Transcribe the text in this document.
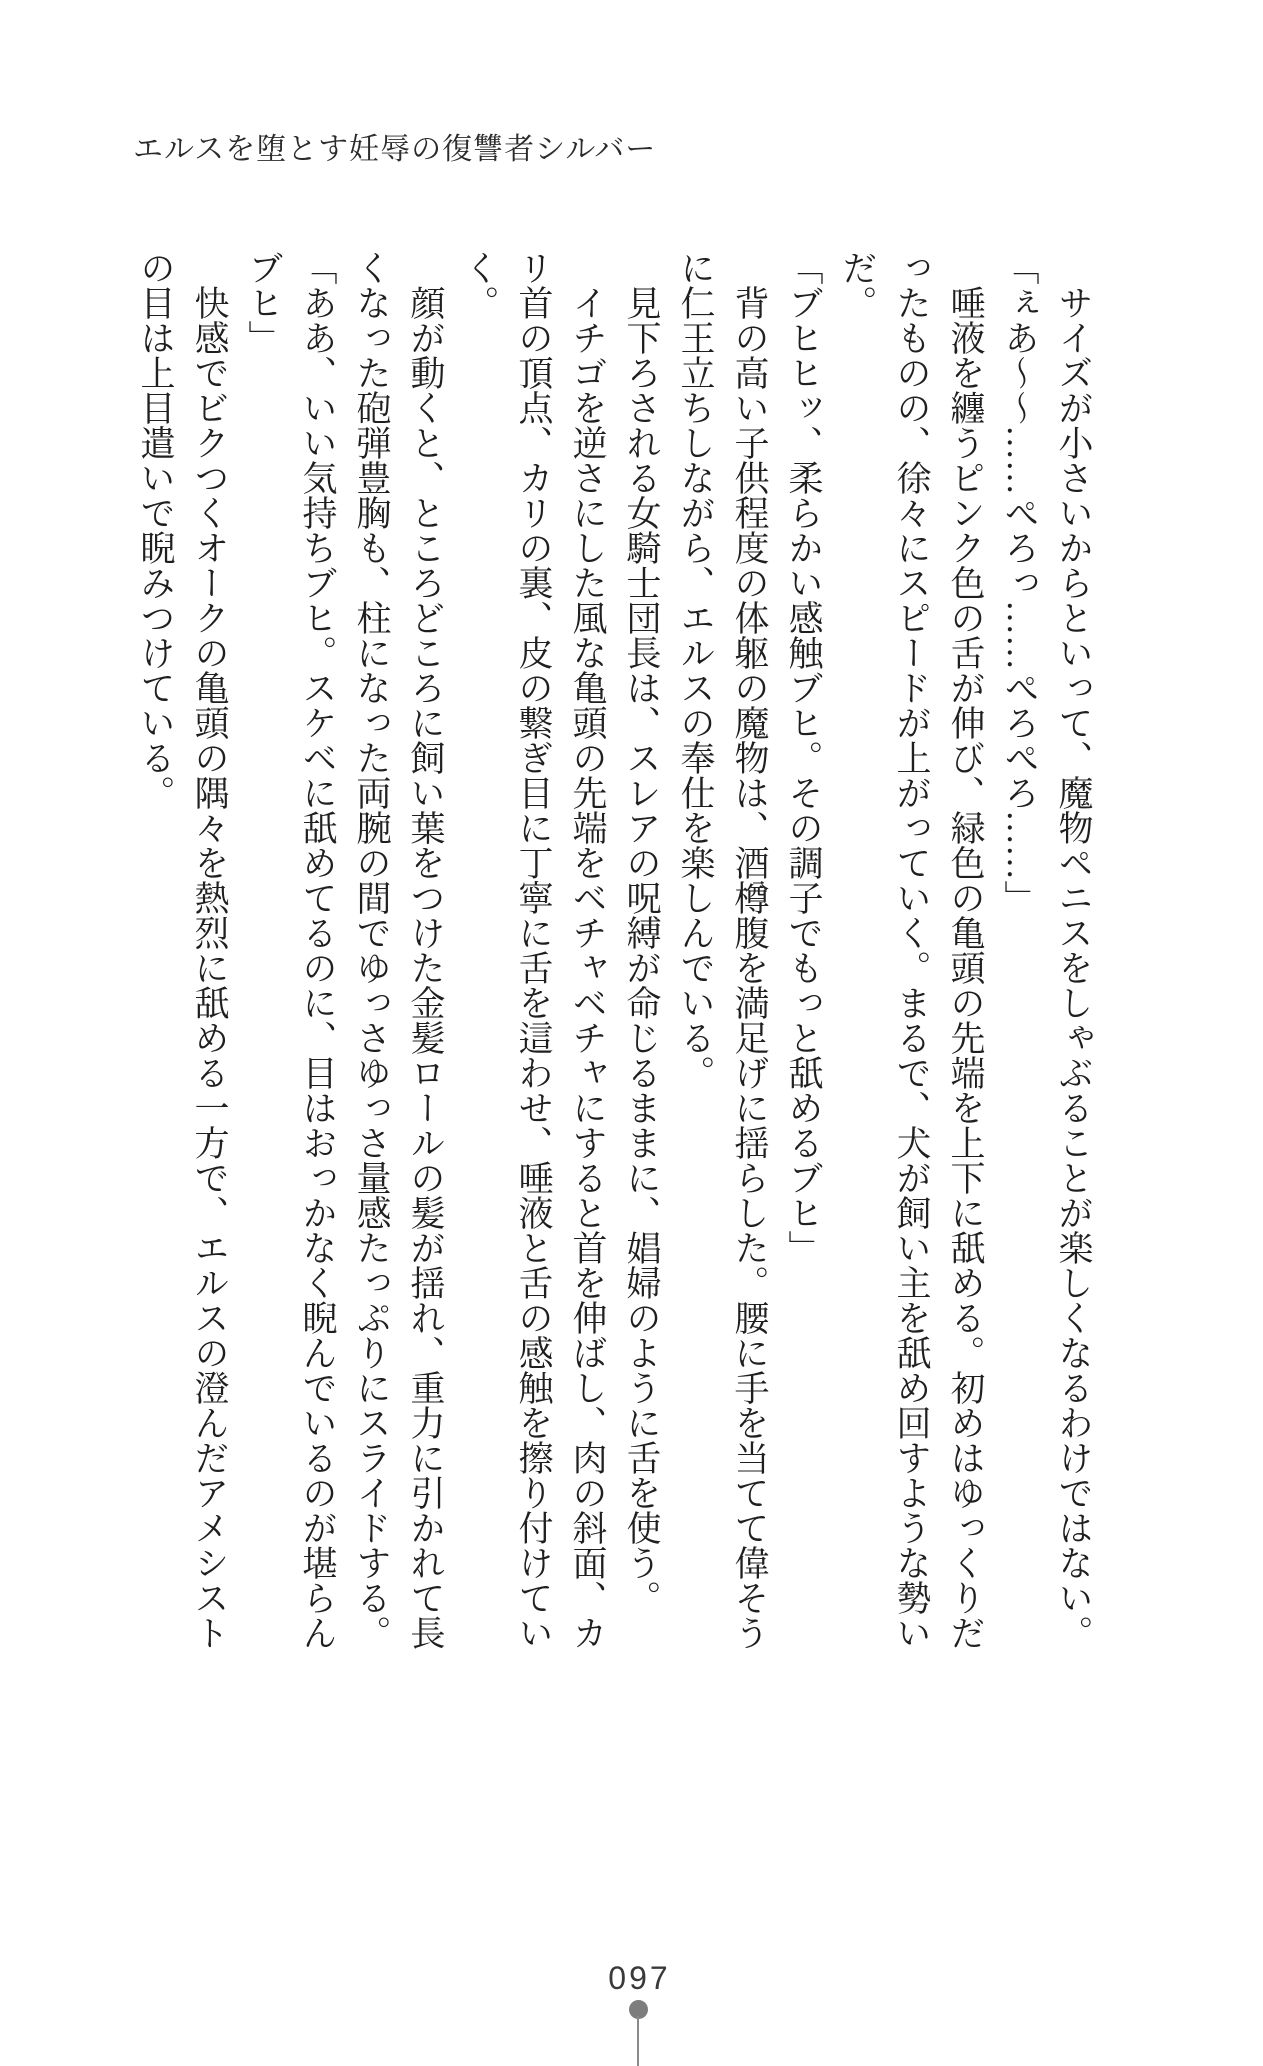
エルスを堕とす妊辱の復讐者シルバー
サイズが小さいからといって、魔物ペニスをしゃぶることが楽しくなるわけではない。
「ぇあ～～……ぺろっ……ぺろぺろ……」
唾液を纏うピンク色の舌が伸び、緑色の亀頭の先端を上下に舐める。初めはゆっくりだ
ったものの、徐々にスピードが上がっていく。まるで、犬が飼い主を舐め回すような勢い
だ。
「ブヒヒッ、柔らかい感触ブヒ。その調子でもっと舐めるブヒ」
背の高い子供程度の体躯の魔物は、酒樽腹を満足げに揺らした。腰に手を当てて偉そう
に仁王立ちしながら、エルスの奉仕を楽しんでいる。
見下ろされる女騎士団長は、スレアの呪縛が命じるままに、娼婦のように舌を使う。
イチゴを逆さにした風な亀頭の先端をベチャベチャにすると首を伸ばし、肉の斜面、カ
リ首の頂点、カリの裏、皮の繋ぎ目に丁寧に舌を這わせ、唾液と舌の感触を擦り付けてい
く。
顔が動くと、ところどころに飼い葉をつけた金髪ロールの髪が揺れ、重力に引かれて長
くなった砲弾豊胸も、柱になった両腕の間でゆっさゆっさ量感たっぷりにスライドする。
「ああ、いい気持ちブヒ。スケベに舐めてるのに、目はおっかなく睨んでいるのが堪らん
ブヒ」
快感でビクつくオークの亀頭の隅々を熱烈に舐める一方で、エルスの澄んだアメシスト
の目は上目遣いで睨みつけている。
097
